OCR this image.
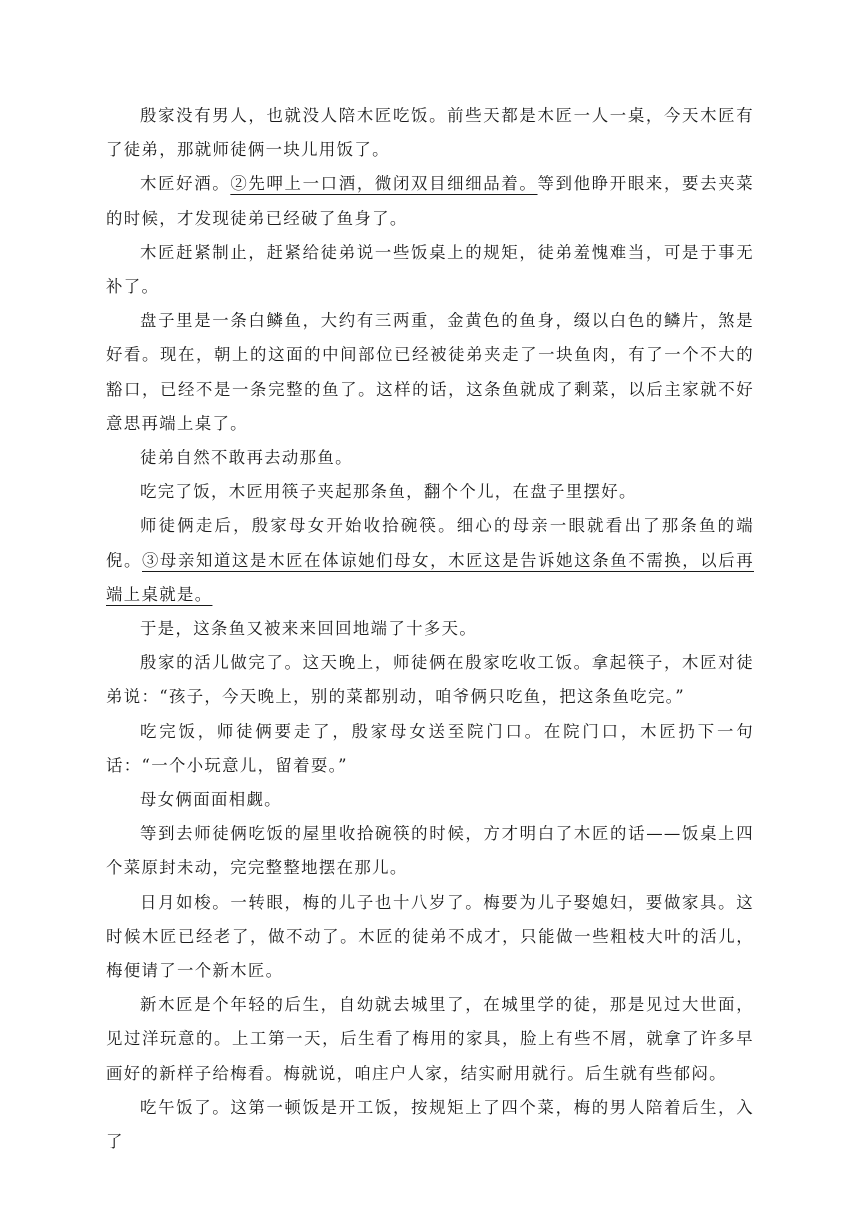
殷家没有男人，也就没人陪木匠吃饭。前些天都是木匠一人一桌，今天木匠有了徒弟，那就师徒俩一块儿用饭了。

木匠好酒。②先呷上一口酒，微闭双目细细品着。等到他睁开眼来，要去夹菜的时候，才发现徒弟已经破了鱼身了。

木匠赶紧制止，赶紧给徒弟说一些饭桌上的规矩，徒弟羞愧难当，可是于事无补了。

盘子里是一条白鳞鱼，大约有三两重，金黄色的鱼身，缀以白色的鳞片，煞是好看。现在，朝上的这面的中间部位已经被徒弟夹走了一块鱼肉，有了一个不大的豁口，已经不是一条完整的鱼了。这样的话，这条鱼就成了剩菜，以后主家就不好意思再端上桌了。

徒弟自然不敢再去动那鱼。

吃完了饭，木匠用筷子夹起那条鱼，翻个个儿，在盘子里摆好。

师徒俩走后，殷家母女开始收拾碗筷。细心的母亲一眼就看出了那条鱼的端倪。③母亲知道这是木匠在体谅她们母女，木匠这是告诉她这条鱼不需换，以后再端上桌就是。

于是，这条鱼又被来来回回地端了十多天。

殷家的活儿做完了。这天晚上，师徒俩在殷家吃收工饭。拿起筷子，木匠对徒弟说：“孩子，今天晚上，别的菜都别动，咱爷俩只吃鱼，把这条鱼吃完。”

吃完饭，师徒俩要走了，殷家母女送至院门口。在院门口，木匠扔下一句话：“一个小玩意儿，留着耍。”

母女俩面面相觑。

等到去师徒俩吃饭的屋里收拾碗筷的时候，方才明白了木匠的话——饭桌上四个菜原封未动，完完整整地摆在那儿。

日月如梭。一转眼，梅的儿子也十八岁了。梅要为儿子娶媳妇，要做家具。这时候木匠已经老了，做不动了。木匠的徒弟不成才，只能做一些粗枝大叶的活儿，梅便请了一个新木匠。

新木匠是个年轻的后生，自幼就去城里了，在城里学的徒，那是见过大世面，见过洋玩意的。上工第一天，后生看了梅用的家具，脸上有些不屑，就拿了许多早画好的新样子给梅看。梅就说，咱庄户人家，结实耐用就行。后生就有些郁闷。

吃午饭了。这第一顿饭是开工饭，按规矩上了四个菜，梅的男人陪着后生，入了
